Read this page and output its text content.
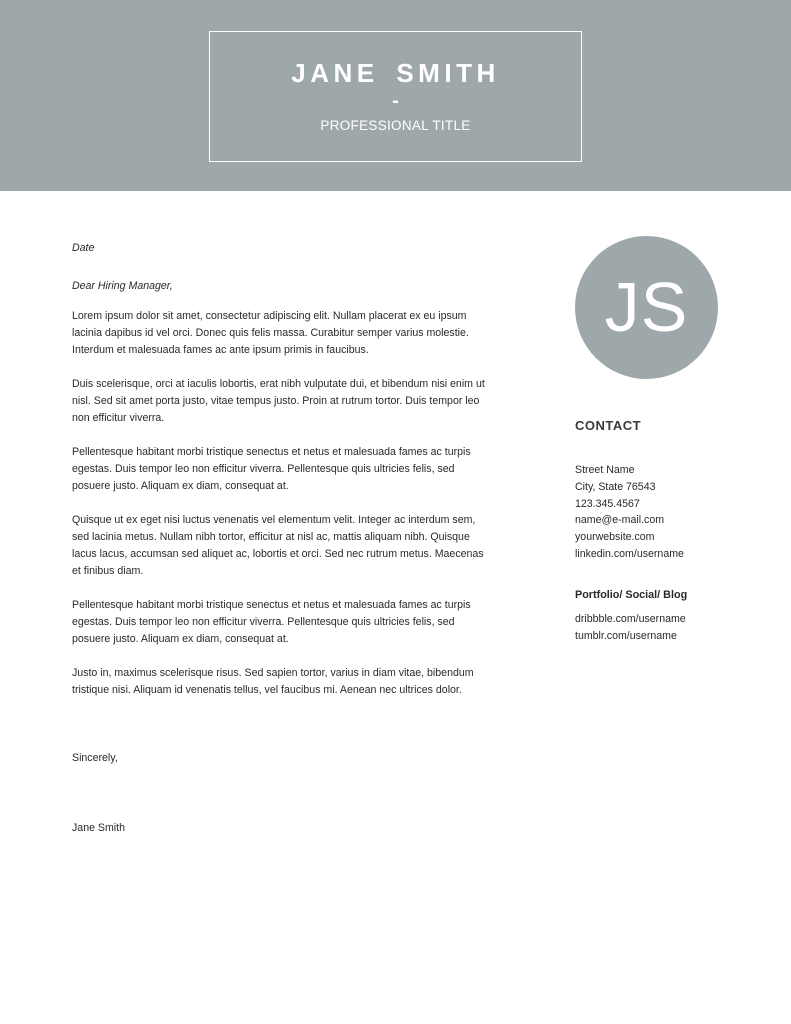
JANE SMITH
-
PROFESSIONAL TITLE
Date
Dear Hiring Manager,

Lorem ipsum dolor sit amet, consectetur adipiscing elit. Nullam placerat ex eu ipsum lacinia dapibus id vel orci. Donec quis felis massa. Curabitur semper varius molestie. Interdum et malesuada fames ac ante ipsum primis in faucibus.

Duis scelerisque, orci at iaculis lobortis, erat nibh vulputate dui, et bibendum nisi enim ut nisl. Sed sit amet porta justo, vitae tempus justo. Proin at rutrum tortor. Duis tempor leo non efficitur viverra.

Pellentesque habitant morbi tristique senectus et netus et malesuada fames ac turpis egestas. Duis tempor leo non efficitur viverra. Pellentesque quis ultricies felis, sed posuere justo. Aliquam ex diam, consequat at.

Quisque ut ex eget nisi luctus venenatis vel elementum velit. Integer ac interdum sem, sed lacinia metus. Nullam nibh tortor, efficitur at nisl ac, mattis aliquam nibh. Quisque lacus lacus, accumsan sed aliquet ac, lobortis et orci. Sed nec rutrum metus. Maecenas et finibus diam.

Pellentesque habitant morbi tristique senectus et netus et malesuada fames ac turpis egestas. Duis tempor leo non efficitur viverra. Pellentesque quis ultricies felis, sed posuere justo. Aliquam ex diam, consequat at.

Justo in, maximus scelerisque risus. Sed sapien tortor, varius in diam vitae, bibendum tristique nisi. Aliquam id venenatis tellus, vel faucibus mi. Aenean nec ultrices dolor.

Sincerely,
Jane Smith
JS
CONTACT
Street Name
City, State 76543
123.345.4567
name@e-mail.com
yourwebsite.com
linkedin.com/username
Portfolio/ Social/ Blog
dribbble.com/username
tumblr.com/username
